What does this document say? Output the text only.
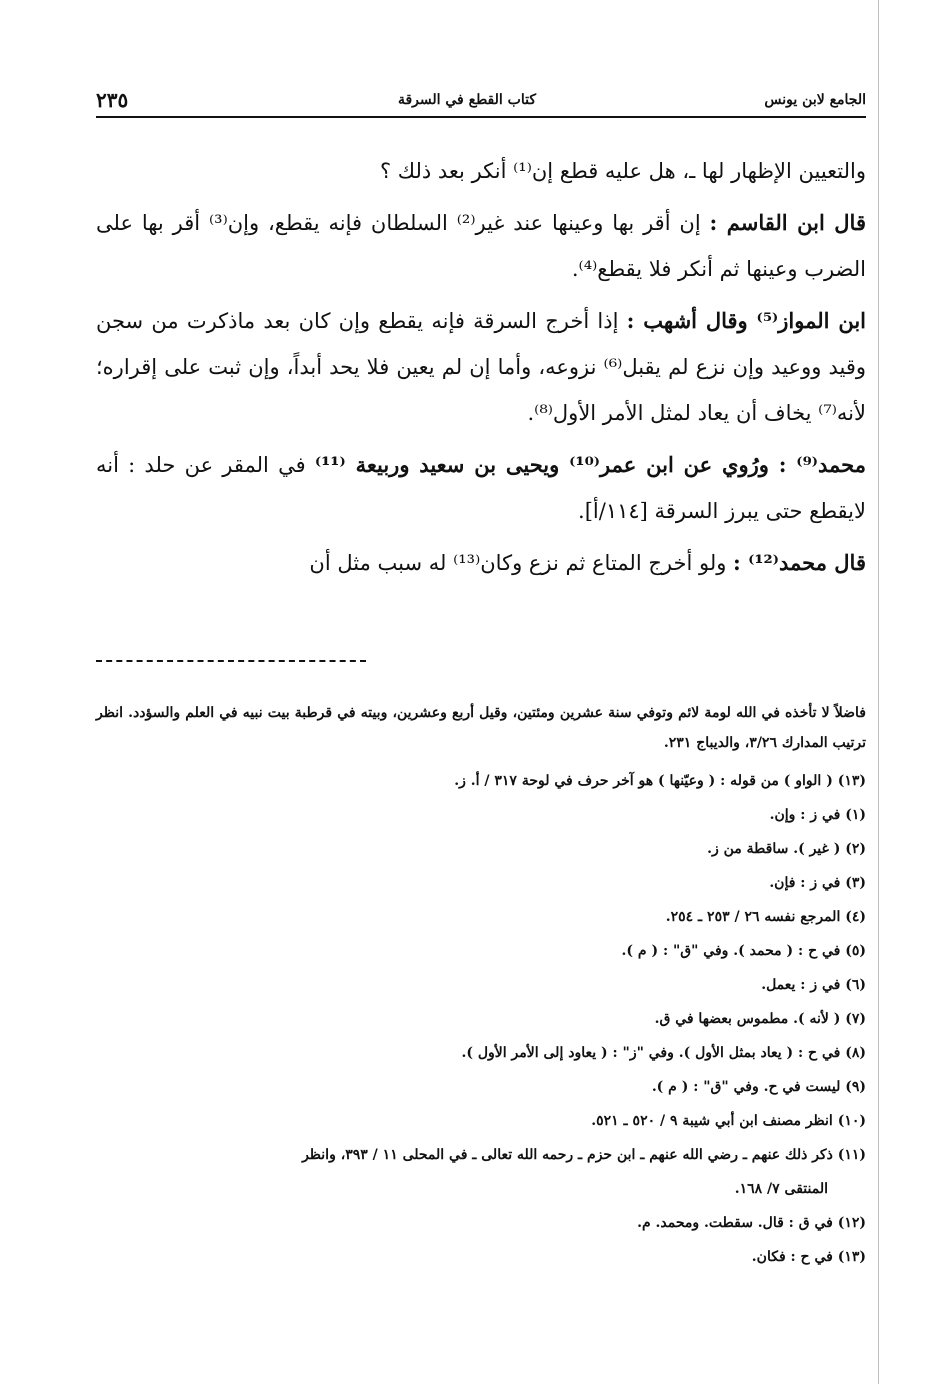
الجامع لابن يونس
كتاب القطع في السرقة
٢٣٥

والتعيين الإظهار لها ـ، هل عليه قطع إن⁽¹⁾ أنكر بعد ذلك ؟

قال ابن القاسم : إن أقر بها وعينها عند غير⁽²⁾ السلطان فإنه يقطع، وإن⁽³⁾ أقر بها على الضرب وعينها ثم أنكر فلا يقطع⁽⁴⁾.

ابن المواز⁽⁵⁾ وقال أشهب : إذا أخرج السرقة فإنه يقطع وإن كان بعد ماذكرت من سجن وقيد ووعيد وإن نزع لم يقبل⁽⁶⁾ نزوعه، وأما إن لم يعين فلا يحد أبداً، وإن ثبت على إقراره؛ لأنه⁽⁷⁾ يخاف أن يعاد لمثل الأمر الأول⁽⁸⁾.

محمد⁽⁹⁾ : ورُوي عن ابن عمر⁽¹⁰⁾ ويحيى بن سعيد وربيعة ⁽¹¹⁾ في المقر عن حلد : أنه لايقطع حتى يبرز السرقة [١١٤/أ].

قال محمد⁽¹²⁾ : ولو أخرج المتاع ثم نزع وكان⁽¹³⁾ له سبب مثل أن

فاضلاً لا تأخذه في الله لومة لائم وتوفي سنة عشرين ومئتين، وقيل أربع وعشرين، وبيته في قرطبة بيت نبيه في العلم والسؤدد. انظر ترتيب المدارك ٣/٢٦، والديباج ٢٣١.
(١٣) ( الواو ) من قوله : ( وعيّنها ) هو آخر حرف في لوحة ٣١٧ / أ. ز.
(١) في ز : وإن.
(٢) ( غير ). ساقطة من ز.
(٣) في ز : فإن.
(٤) المرجع نفسه ٢٦ / ٢٥٣ ـ ٢٥٤.
(٥) في ح : ( محمد ). وفي "ق" : ( م ).
(٦) في ز : يعمل.
(٧) ( لأنه ). مطموس بعضها في ق.
(٨) في ح : ( يعاد بمثل الأول ). وفي "ز" : ( يعاود إلى الأمر الأول ).
(٩) ليست في ح. وفي "ق" : ( م ).
(١٠) انظر مصنف ابن أبي شيبة ٩ / ٥٢٠ ـ ٥٢١.
(١١) ذكر ذلك عنهم ـ رضي الله عنهم ـ ابن حزم ـ رحمه الله تعالى ـ في المحلى ١١ / ٣٩٣، وانظر
المنتقى ٧/ ١٦٨.
(١٢) في ق : قال. سقطت. ومحمد. م.
(١٣) في ح : فكان.
